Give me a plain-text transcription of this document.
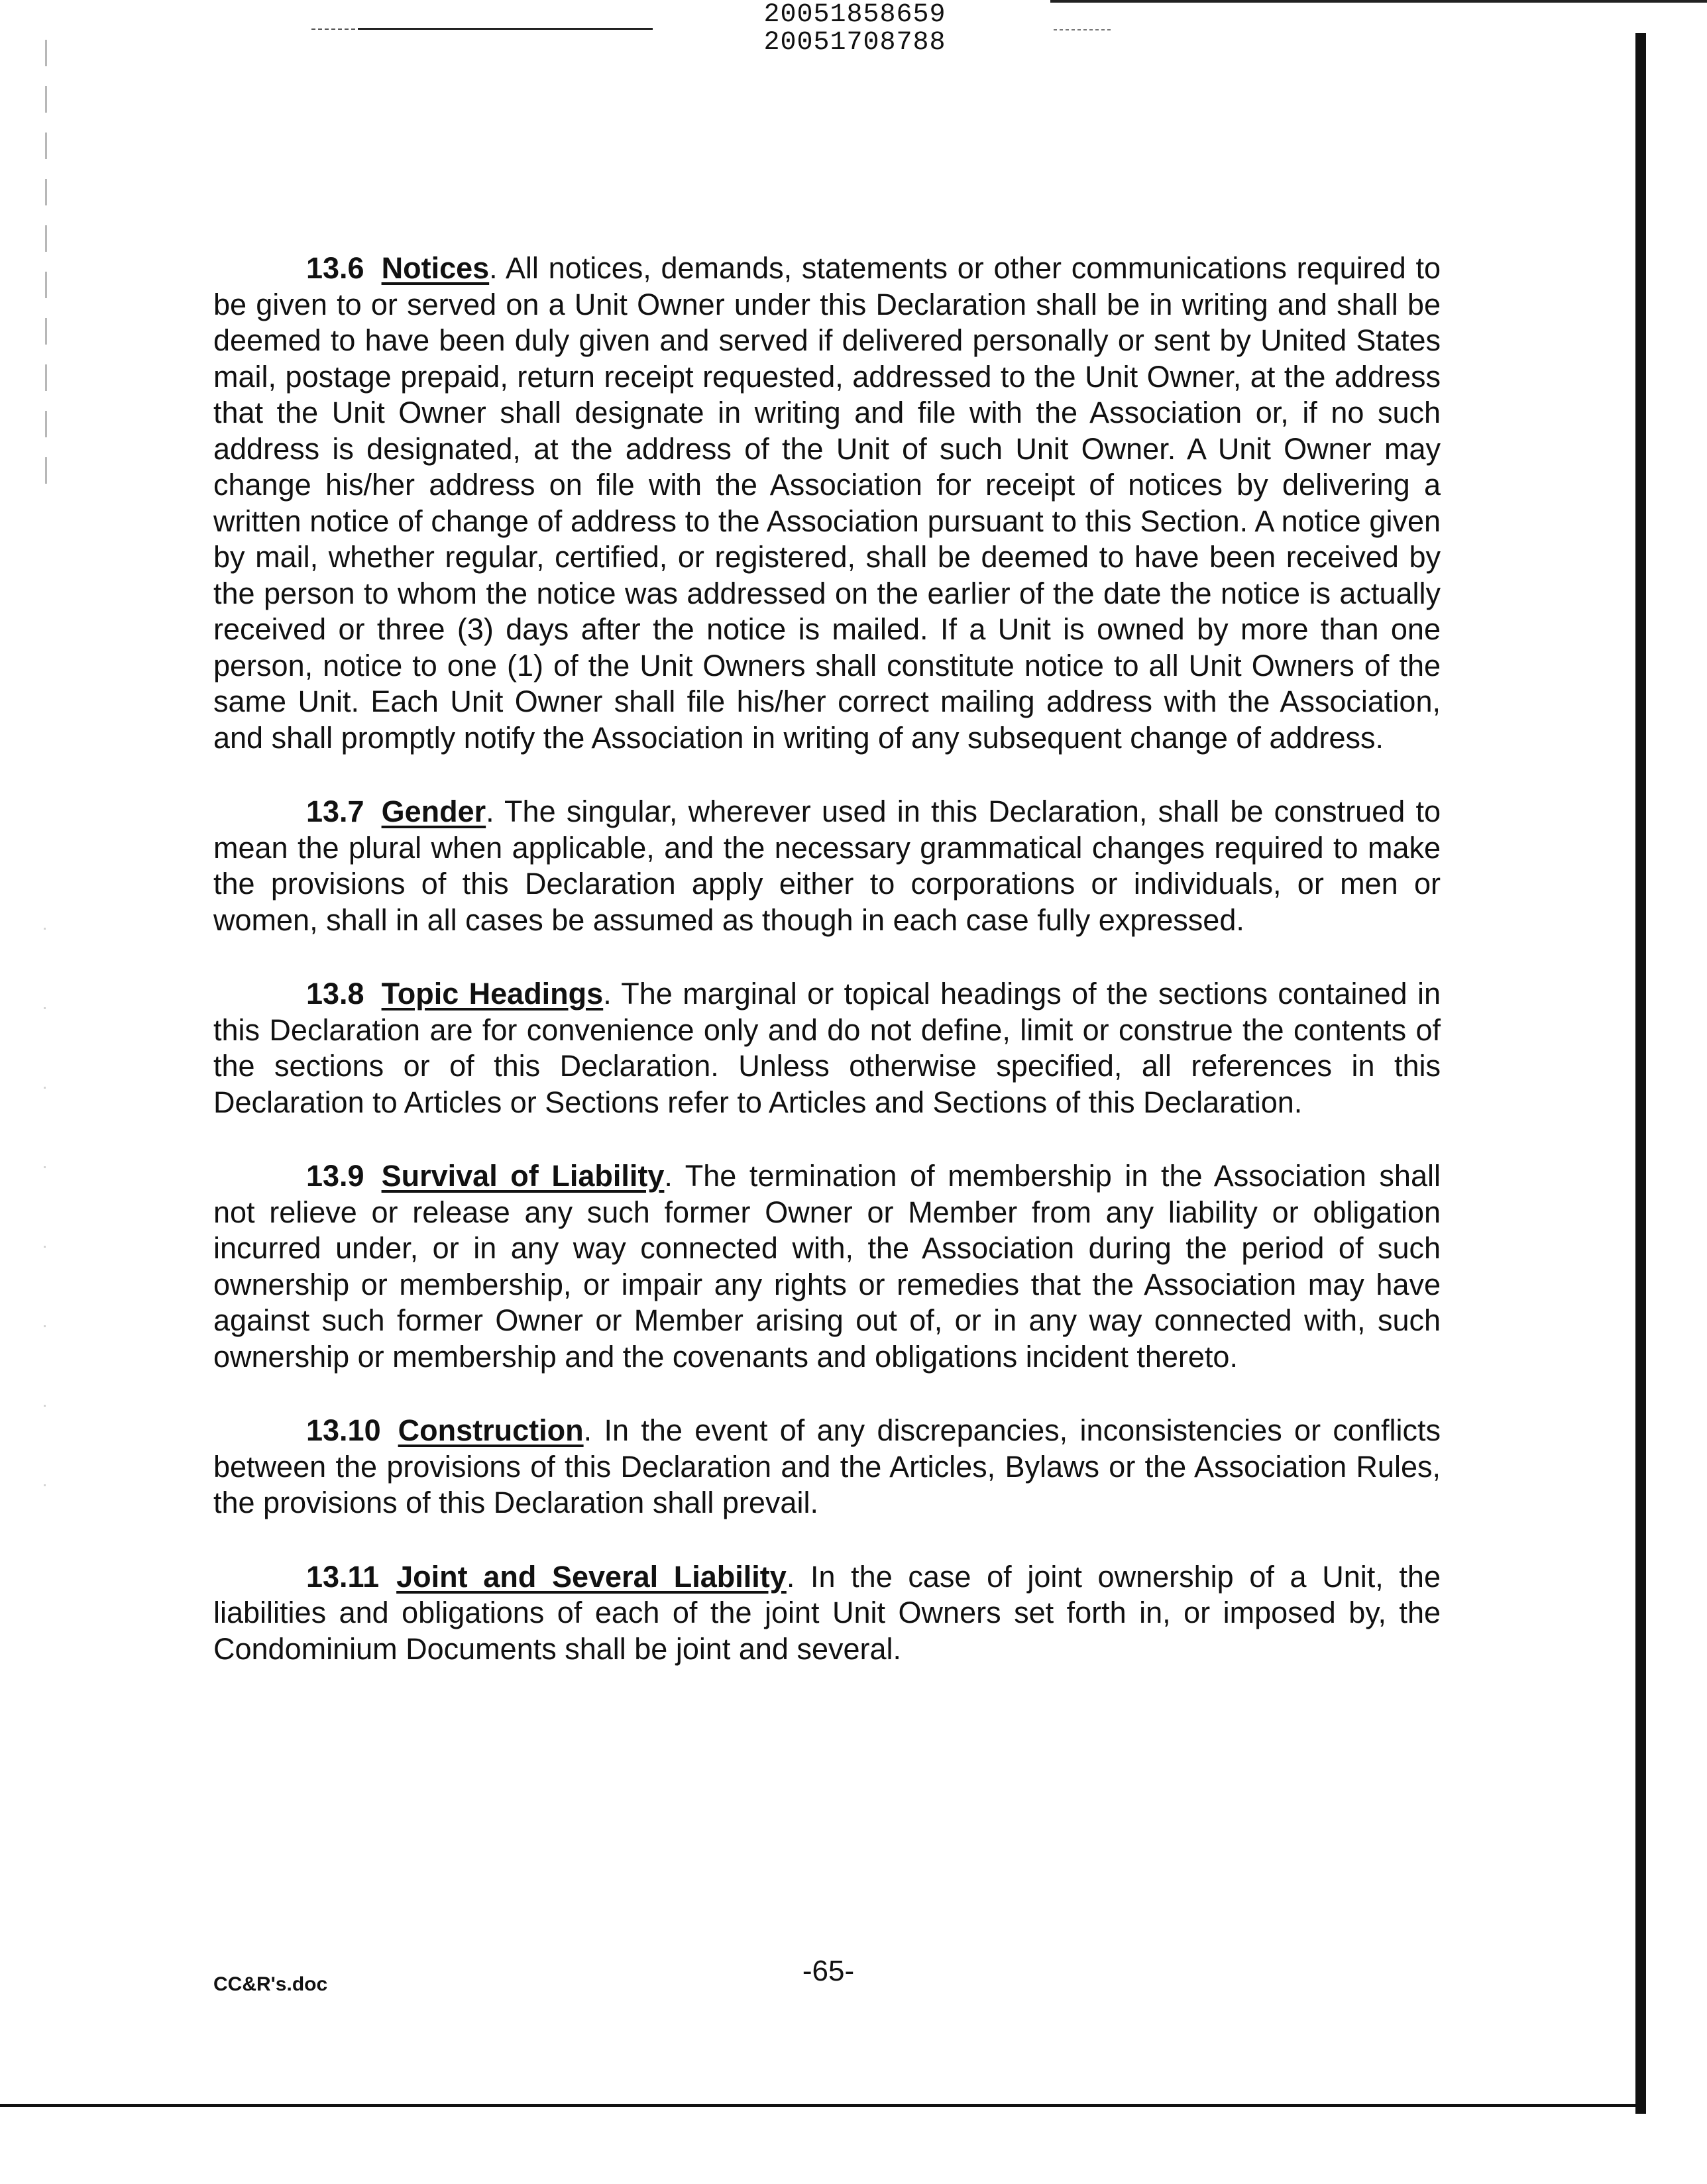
20051858659
20051708788

13.6 Notices. All notices, demands, statements or other communications required to be given to or served on a Unit Owner under this Declaration shall be in writing and shall be deemed to have been duly given and served if delivered personally or sent by United States mail, postage prepaid, return receipt requested, addressed to the Unit Owner, at the address that the Unit Owner shall designate in writing and file with the Association or, if no such address is designated, at the address of the Unit of such Unit Owner. A Unit Owner may change his/her address on file with the Association for receipt of notices by delivering a written notice of change of address to the Association pursuant to this Section. A notice given by mail, whether regular, certified, or registered, shall be deemed to have been received by the person to whom the notice was addressed on the earlier of the date the notice is actually received or three (3) days after the notice is mailed. If a Unit is owned by more than one person, notice to one (1) of the Unit Owners shall constitute notice to all Unit Owners of the same Unit. Each Unit Owner shall file his/her correct mailing address with the Association, and shall promptly notify the Association in writing of any subsequent change of address.

13.7 Gender. The singular, wherever used in this Declaration, shall be construed to mean the plural when applicable, and the necessary grammatical changes required to make the provisions of this Declaration apply either to corporations or individuals, or men or women, shall in all cases be assumed as though in each case fully expressed.

13.8 Topic Headings. The marginal or topical headings of the sections contained in this Declaration are for convenience only and do not define, limit or construe the contents of the sections or of this Declaration. Unless otherwise specified, all references in this Declaration to Articles or Sections refer to Articles and Sections of this Declaration.

13.9 Survival of Liability. The termination of membership in the Association shall not relieve or release any such former Owner or Member from any liability or obligation incurred under, or in any way connected with, the Association during the period of such ownership or membership, or impair any rights or remedies that the Association may have against such former Owner or Member arising out of, or in any way connected with, such ownership or membership and the covenants and obligations incident thereto.

13.10 Construction. In the event of any discrepancies, inconsistencies or conflicts between the provisions of this Declaration and the Articles, Bylaws or the Association Rules, the provisions of this Declaration shall prevail.

13.11 Joint and Several Liability. In the case of joint ownership of a Unit, the liabilities and obligations of each of the joint Unit Owners set forth in, or imposed by, the Condominium Documents shall be joint and several.

CC&R's.doc	-65-
